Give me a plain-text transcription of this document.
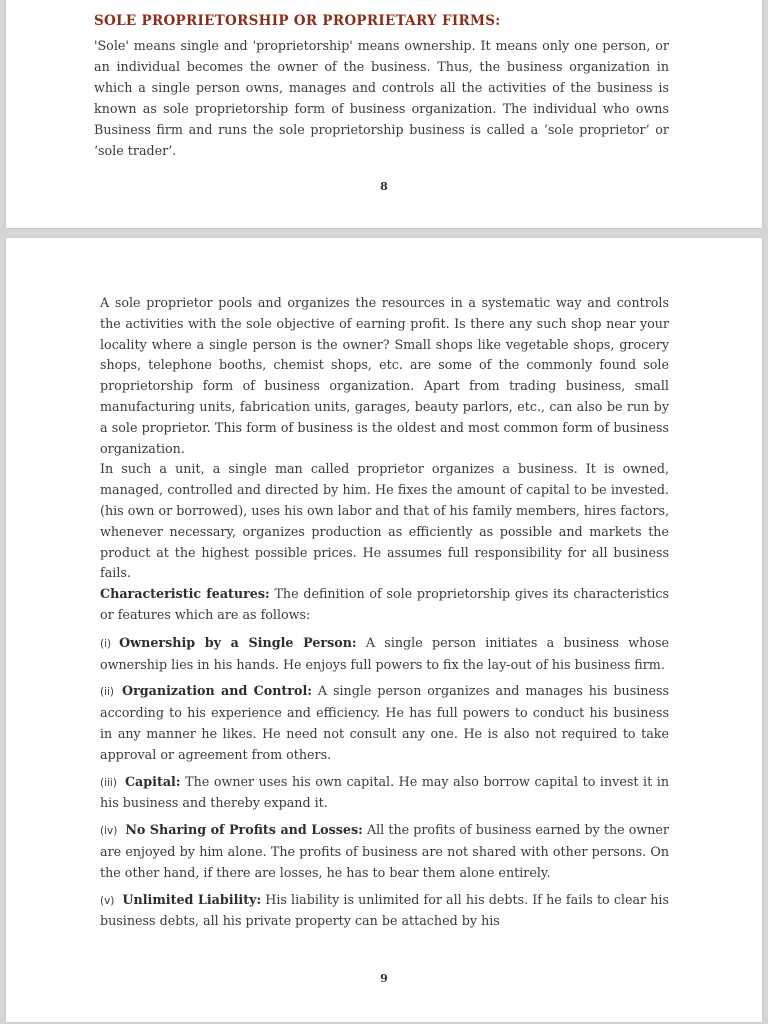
SOLE PROPRIETORSHIP OR PROPRIETARY FIRMS:
'Sole' means single and 'proprietorship' means ownership. It means only one person, or an individual becomes the owner of the business. Thus, the business organization in which a single person owns, manages and controls all the activities of the business is known as sole proprietorship form of business organization. The individual who owns Business firm and runs the sole proprietorship business is called a ‘sole proprietor’ or ‘sole trader’.
8

A sole proprietor pools and organizes the resources in a systematic way and controls the activities with the sole objective of earning profit. Is there any such shop near your locality where a single person is the owner? Small shops like vegetable shops, grocery shops, telephone booths, chemist shops, etc. are some of the commonly found sole proprietorship form of business organization. Apart from trading business, small manufacturing units, fabrication units, garages, beauty parlors, etc., can also be run by a sole proprietor. This form of business is the oldest and most common form of business organization.

In such a unit, a single man called proprietor organizes a business. It is owned, managed, controlled and directed by him. He fixes the amount of capital to be invested. (his own or borrowed), uses his own labor and that of his family members, hires factors, whenever necessary, organizes production as efficiently as possible and markets the product at the highest possible prices. He assumes full responsibility for all business fails.

Characteristic features: The definition of sole proprietorship gives its characteristics or features which are as follows:

(i) Ownership by a Single Person: A single person initiates a business whose ownership lies in his hands. He enjoys full powers to fix the lay-out of his business firm.

(ii) Organization and Control: A single person organizes and manages his business according to his experience and efficiency. He has full powers to conduct his business in any manner he likes. He need not consult any one. He is also not required to take approval or agreement from others.

(iii) Capital: The owner uses his own capital. He may also borrow capital to invest it in his business and thereby expand it.

(iv) No Sharing of Profits and Losses: All the profits of business earned by the owner are enjoyed by him alone. The profits of business are not shared with other persons. On the other hand, if there are losses, he has to bear them alone entirely.

(v) Unlimited Liability: His liability is unlimited for all his debts. If he fails to clear his business debts, all his private property can be attached by his

9
